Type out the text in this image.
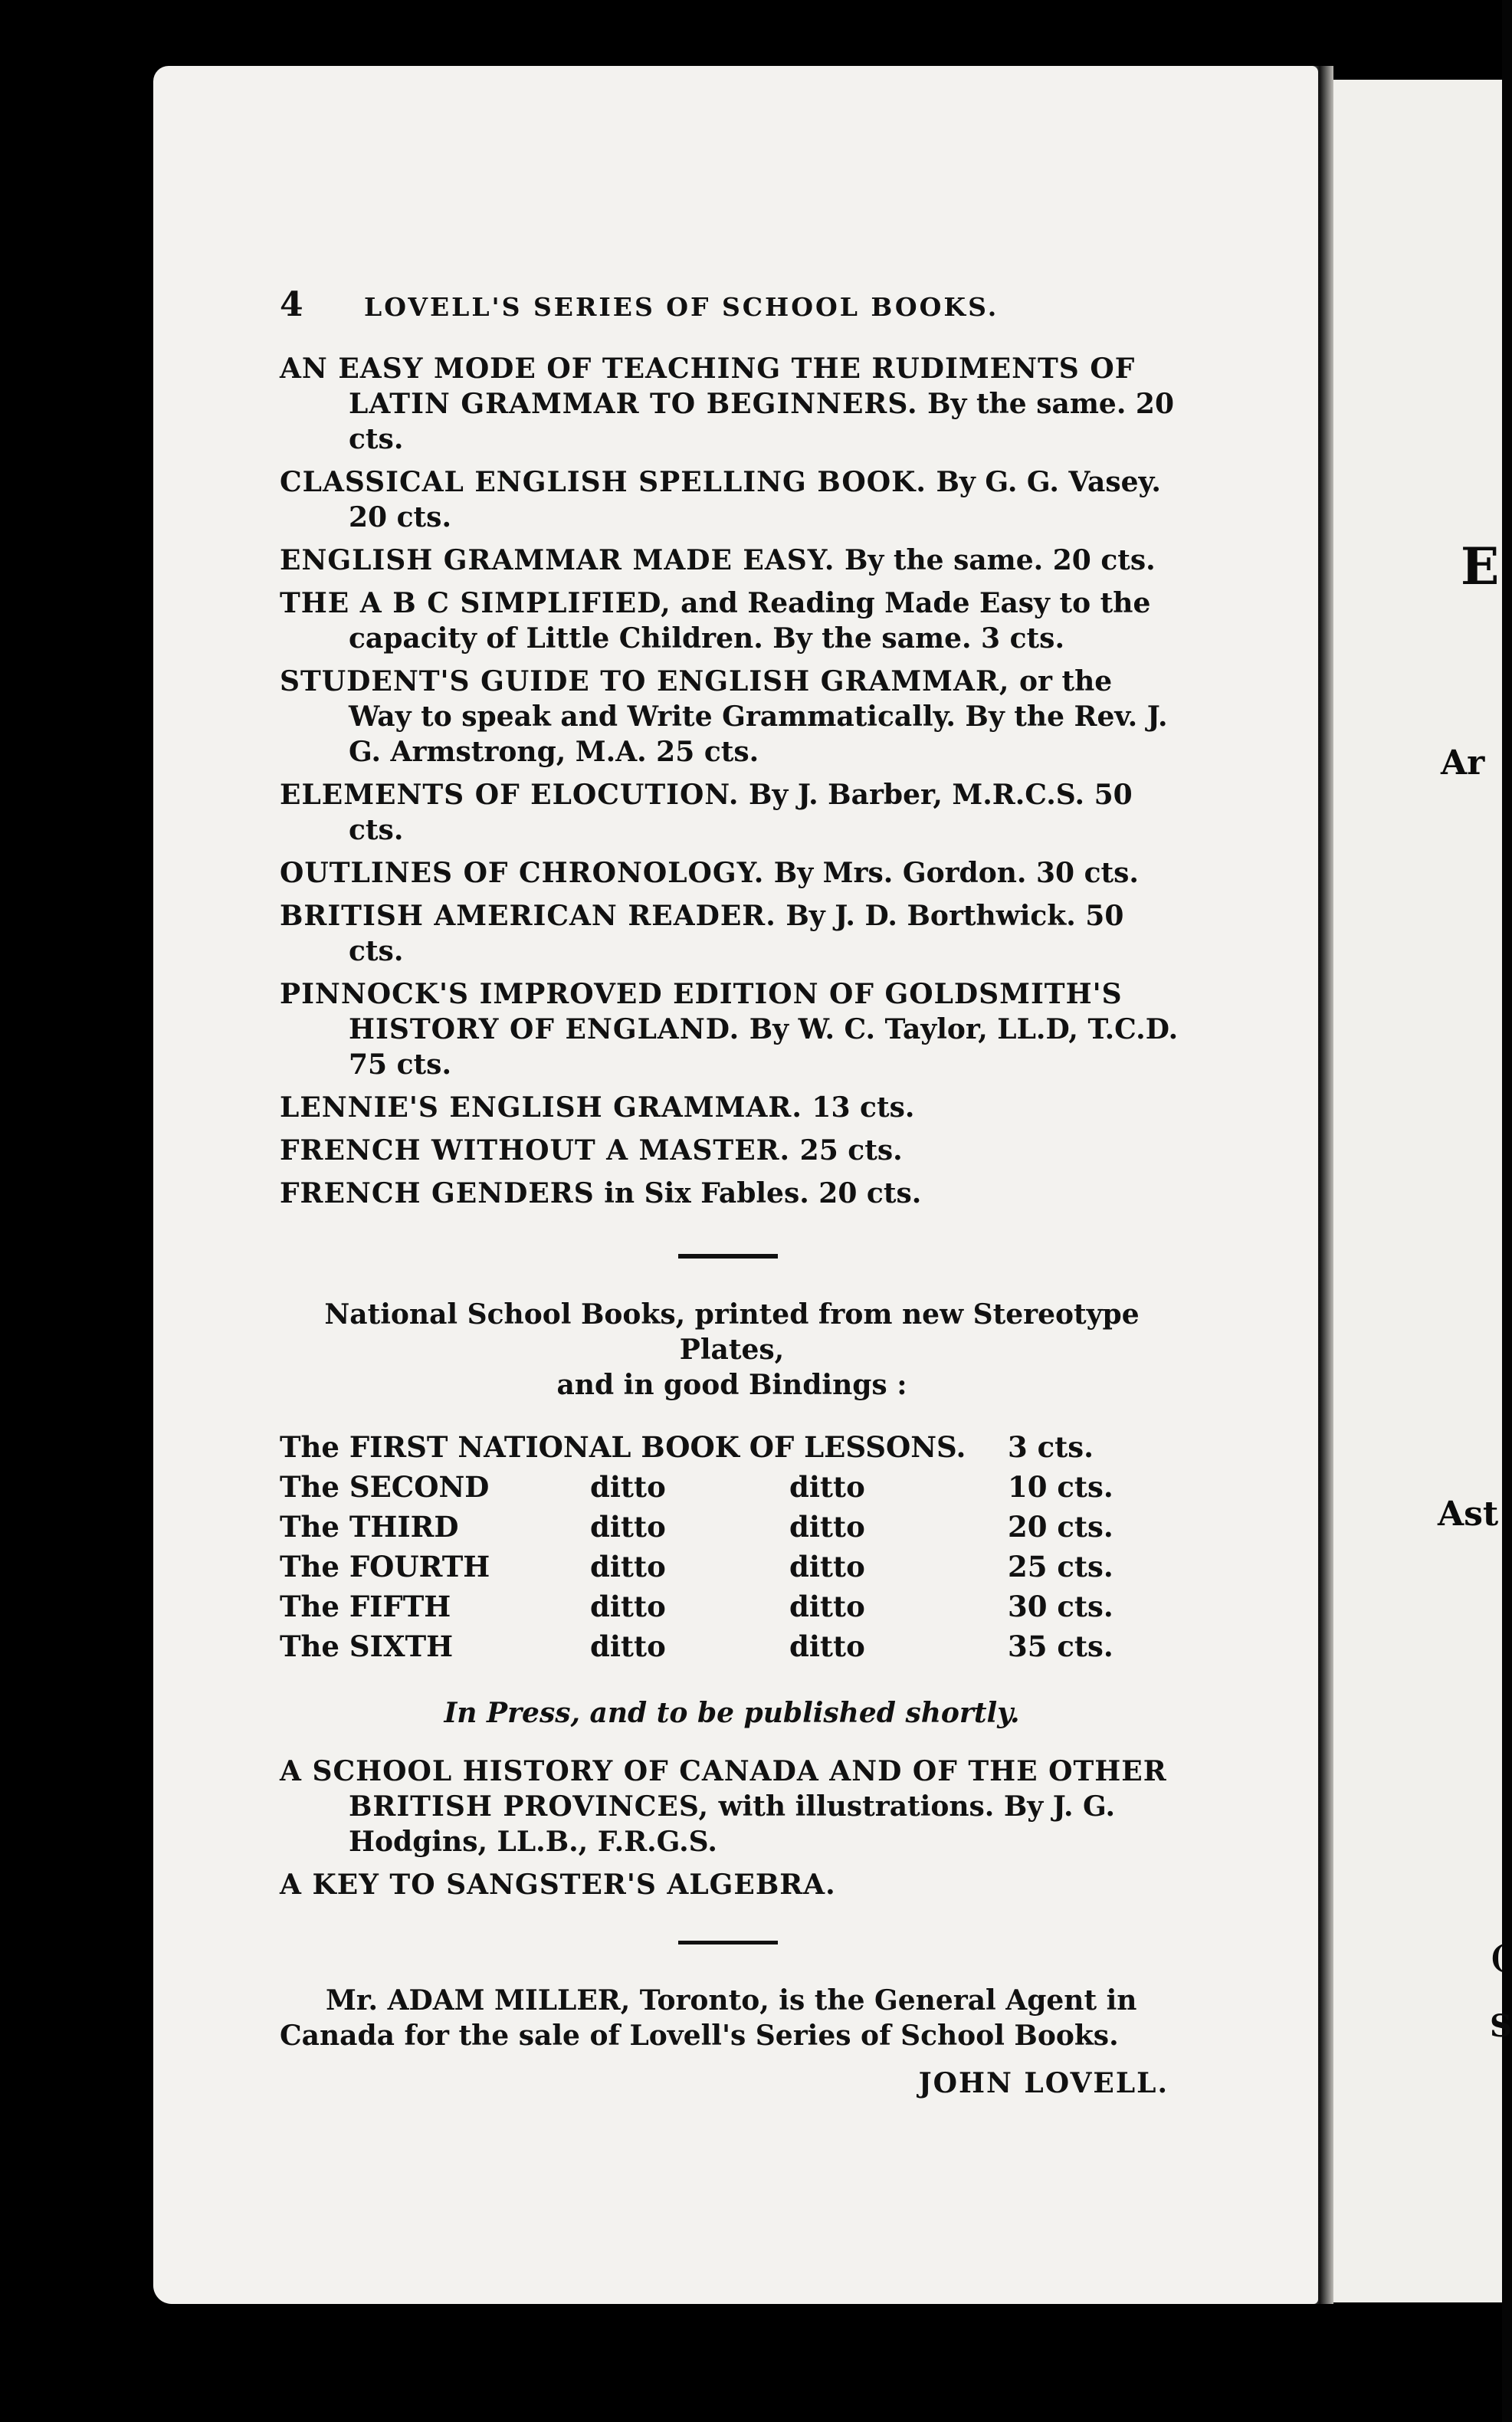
4	LOVELL'S SERIES OF SCHOOL BOOKS.
AN EASY MODE OF TEACHING THE RUDIMENTS OF LATIN GRAMMAR TO BEGINNERS. By the same. 20 cts.
CLASSICAL ENGLISH SPELLING BOOK. By G. G. Vasey. 20 cts.
ENGLISH GRAMMAR MADE EASY. By the same. 20 cts.
THE A B C SIMPLIFIED, and Reading Made Easy to the capacity of Little Children. By the same. 3 cts.
STUDENT'S GUIDE TO ENGLISH GRAMMAR, or the Way to speak and Write Grammatically. By the Rev. J. G. Armstrong, M.A. 25 cts.
ELEMENTS OF ELOCUTION. By J. Barber, M.R.C.S. 50 cts.
OUTLINES OF CHRONOLOGY. By Mrs. Gordon. 30 cts.
BRITISH AMERICAN READER. By J. D. Borthwick. 50 cts.
PINNOCK'S IMPROVED EDITION OF GOLDSMITH'S HISTORY OF ENGLAND. By W. C. Taylor, LL.D, T.C.D. 75 cts.
LENNIE'S ENGLISH GRAMMAR. 13 cts.
FRENCH WITHOUT A MASTER. 25 cts.
FRENCH GENDERS in Six Fables. 20 cts.
National School Books, printed from new Stereotype Plates,
and in good Bindings :
The FIRST NATIONAL BOOK OF LESSONS.			3 cts.
The SECOND	ditto	ditto	10 cts.
The THIRD	ditto	ditto	20 cts.
The FOURTH	ditto	ditto	25 cts.
The FIFTH	ditto	ditto	30 cts.
The SIXTH	ditto	ditto	35 cts.
In Press, and to be published shortly.
A SCHOOL HISTORY OF CANADA AND OF THE OTHER BRITISH PROVINCES, with illustrations. By J. G. Hodgins, LL.B., F.R.G.S.
A KEY TO SANGSTER'S ALGEBRA.
Mr. ADAM MILLER, Toronto, is the General Agent in Canada for the sale of Lovell's Series of School Books.
JOHN LOVELL.
E
Ar
Ast
(
S
